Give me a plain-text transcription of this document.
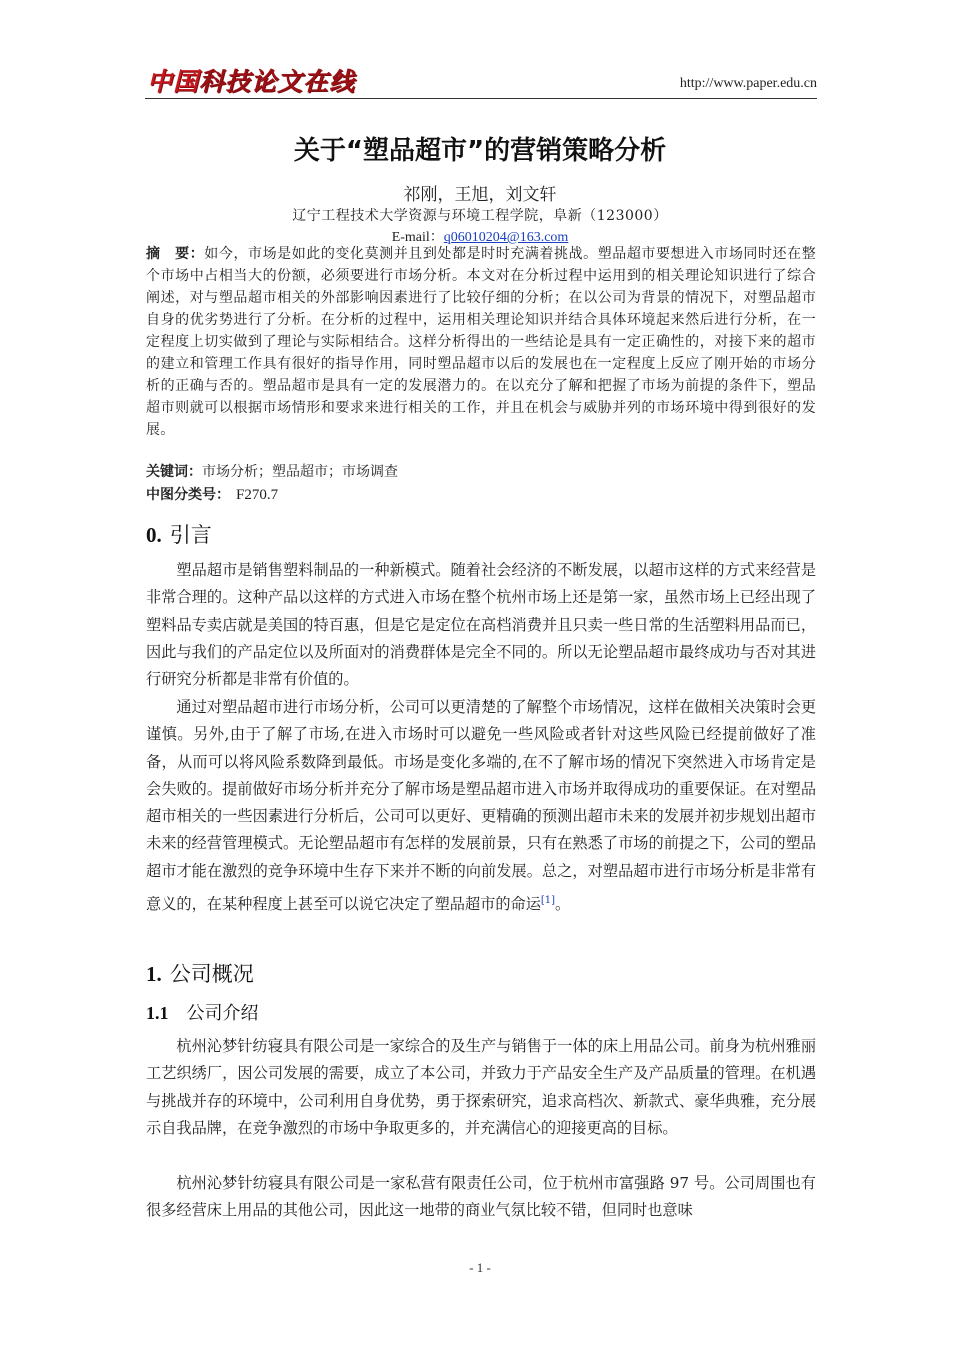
中国科技论文在线	http://www.paper.edu.cn
关于“塑品超市”的营销策略分析
祁刚，王旭，刘文轩
辽宁工程技术大学资源与环境工程学院，阜新（123000）
E-mail：q06010204@163.com
摘　要：如今，市场是如此的变化莫测并且到处都是时时充满着挑战。塑品超市要想进入市场同时还在整个市场中占相当大的份额，必须要进行市场分析。本文对在分析过程中运用到的相关理论知识进行了综合阐述，对与塑品超市相关的外部影响因素进行了比较仔细的分析；在以公司为背景的情况下，对塑品超市自身的优劣势进行了分析。在分析的过程中，运用相关理论知识并结合具体环境起来然后进行分析，在一定程度上切实做到了理论与实际相结合。这样分析得出的一些结论是具有一定正确性的，对接下来的超市的建立和管理工作具有很好的指导作用，同时塑品超市以后的发展也在一定程度上反应了刚开始的市场分析的正确与否的。塑品超市是具有一定的发展潜力的。在以充分了解和把握了市场为前提的条件下，塑品超市则就可以根据市场情形和要求来进行相关的工作，并且在机会与威胁并列的市场环境中得到很好的发展。
关键词：市场分析；塑品超市；市场调查
中图分类号： F270.7
0. 引言
塑品超市是销售塑料制品的一种新模式。随着社会经济的不断发展，以超市这样的方式来经营是非常合理的。这种产品以这样的方式进入市场在整个杭州市场上还是第一家，虽然市场上已经出现了塑料品专卖店就是美国的特百惠，但是它是定位在高档消费并且只卖一些日常的生活塑料用品而已，因此与我们的产品定位以及所面对的消费群体是完全不同的。所以无论塑品超市最终成功与否对其进行研究分析都是非常有价值的。
通过对塑品超市进行市场分析，公司可以更清楚的了解整个市场情况，这样在做相关决策时会更谨慎。另外,由于了解了市场,在进入市场时可以避免一些风险或者针对这些风险已经提前做好了准备，从而可以将风险系数降到最低。市场是变化多端的,在不了解市场的情况下突然进入市场肯定是会失败的。提前做好市场分析并充分了解市场是塑品超市进入市场并取得成功的重要保证。在对塑品超市相关的一些因素进行分析后，公司可以更好、更精确的预测出超市未来的发展并初步规划出超市未来的经营管理模式。无论塑品超市有怎样的发展前景，只有在熟悉了市场的前提之下，公司的塑品超市才能在激烈的竞争环境中生存下来并不断的向前发展。总之，对塑品超市进行市场分析是非常有意义的，在某种程度上甚至可以说它决定了塑品超市的命运[1]。
1. 公司概况
1.1 公司介绍
杭州沁梦针纺寝具有限公司是一家综合的及生产与销售于一体的床上用品公司。前身为杭州雅丽工艺织绣厂，因公司发展的需要，成立了本公司，并致力于产品安全生产及产品质量的管理。在机遇与挑战并存的环境中，公司利用自身优势，勇于探索研究，追求高档次、新款式、豪华典雅，充分展示自我品牌，在竞争激烈的市场中争取更多的，并充满信心的迎接更高的目标。
杭州沁梦针纺寝具有限公司是一家私营有限责任公司，位于杭州市富强路 97 号。公司周围也有很多经营床上用品的其他公司，因此这一地带的商业气氛比较不错，但同时也意味
- 1 -
